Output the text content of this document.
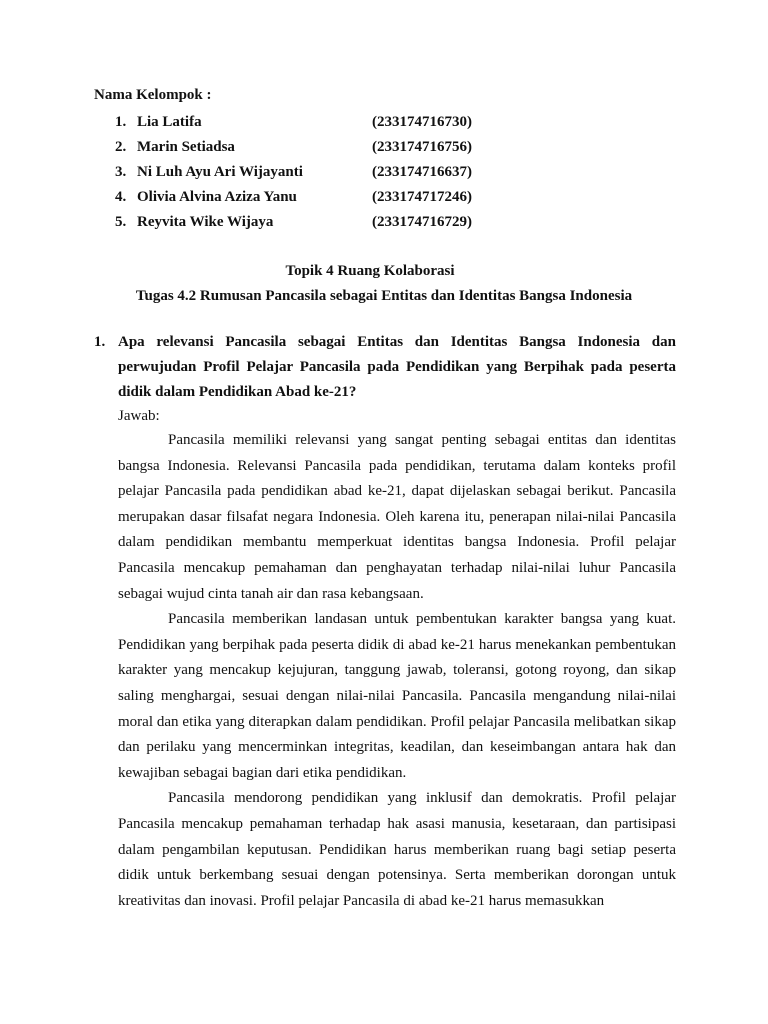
Nama Kelompok :
1. Lia Latifa	(233174716730)
2. Marin Setiadsa	(233174716756)
3. Ni Luh Ayu Ari Wijayanti	(233174716637)
4. Olivia Alvina Aziza Yanu	(233174717246)
5. Reyvita Wike Wijaya	(233174716729)
Topik 4 Ruang Kolaborasi
Tugas 4.2 Rumusan Pancasila sebagai Entitas dan Identitas Bangsa Indonesia
1. Apa relevansi Pancasila sebagai Entitas dan Identitas Bangsa Indonesia dan perwujudan Profil Pelajar Pancasila pada Pendidikan yang Berpihak pada peserta didik dalam Pendidikan Abad ke-21?
Jawab:

Pancasila memiliki relevansi yang sangat penting sebagai entitas dan identitas bangsa Indonesia. Relevansi Pancasila pada pendidikan, terutama dalam konteks profil pelajar Pancasila pada pendidikan abad ke-21, dapat dijelaskan sebagai berikut. Pancasila merupakan dasar filsafat negara Indonesia. Oleh karena itu, penerapan nilai-nilai Pancasila dalam pendidikan membantu memperkuat identitas bangsa Indonesia. Profil pelajar Pancasila mencakup pemahaman dan penghayatan terhadap nilai-nilai luhur Pancasila sebagai wujud cinta tanah air dan rasa kebangsaan.

Pancasila memberikan landasan untuk pembentukan karakter bangsa yang kuat. Pendidikan yang berpihak pada peserta didik di abad ke-21 harus menekankan pembentukan karakter yang mencakup kejujuran, tanggung jawab, toleransi, gotong royong, dan sikap saling menghargai, sesuai dengan nilai-nilai Pancasila. Pancasila mengandung nilai-nilai moral dan etika yang diterapkan dalam pendidikan. Profil pelajar Pancasila melibatkan sikap dan perilaku yang mencerminkan integritas, keadilan, dan keseimbangan antara hak dan kewajiban sebagai bagian dari etika pendidikan.

Pancasila mendorong pendidikan yang inklusif dan demokratis. Profil pelajar Pancasila mencakup pemahaman terhadap hak asasi manusia, kesetaraan, dan partisipasi dalam pengambilan keputusan. Pendidikan harus memberikan ruang bagi setiap peserta didik untuk berkembang sesuai dengan potensinya. Serta memberikan dorongan untuk kreativitas dan inovasi. Profil pelajar Pancasila di abad ke-21 harus memasukkan
